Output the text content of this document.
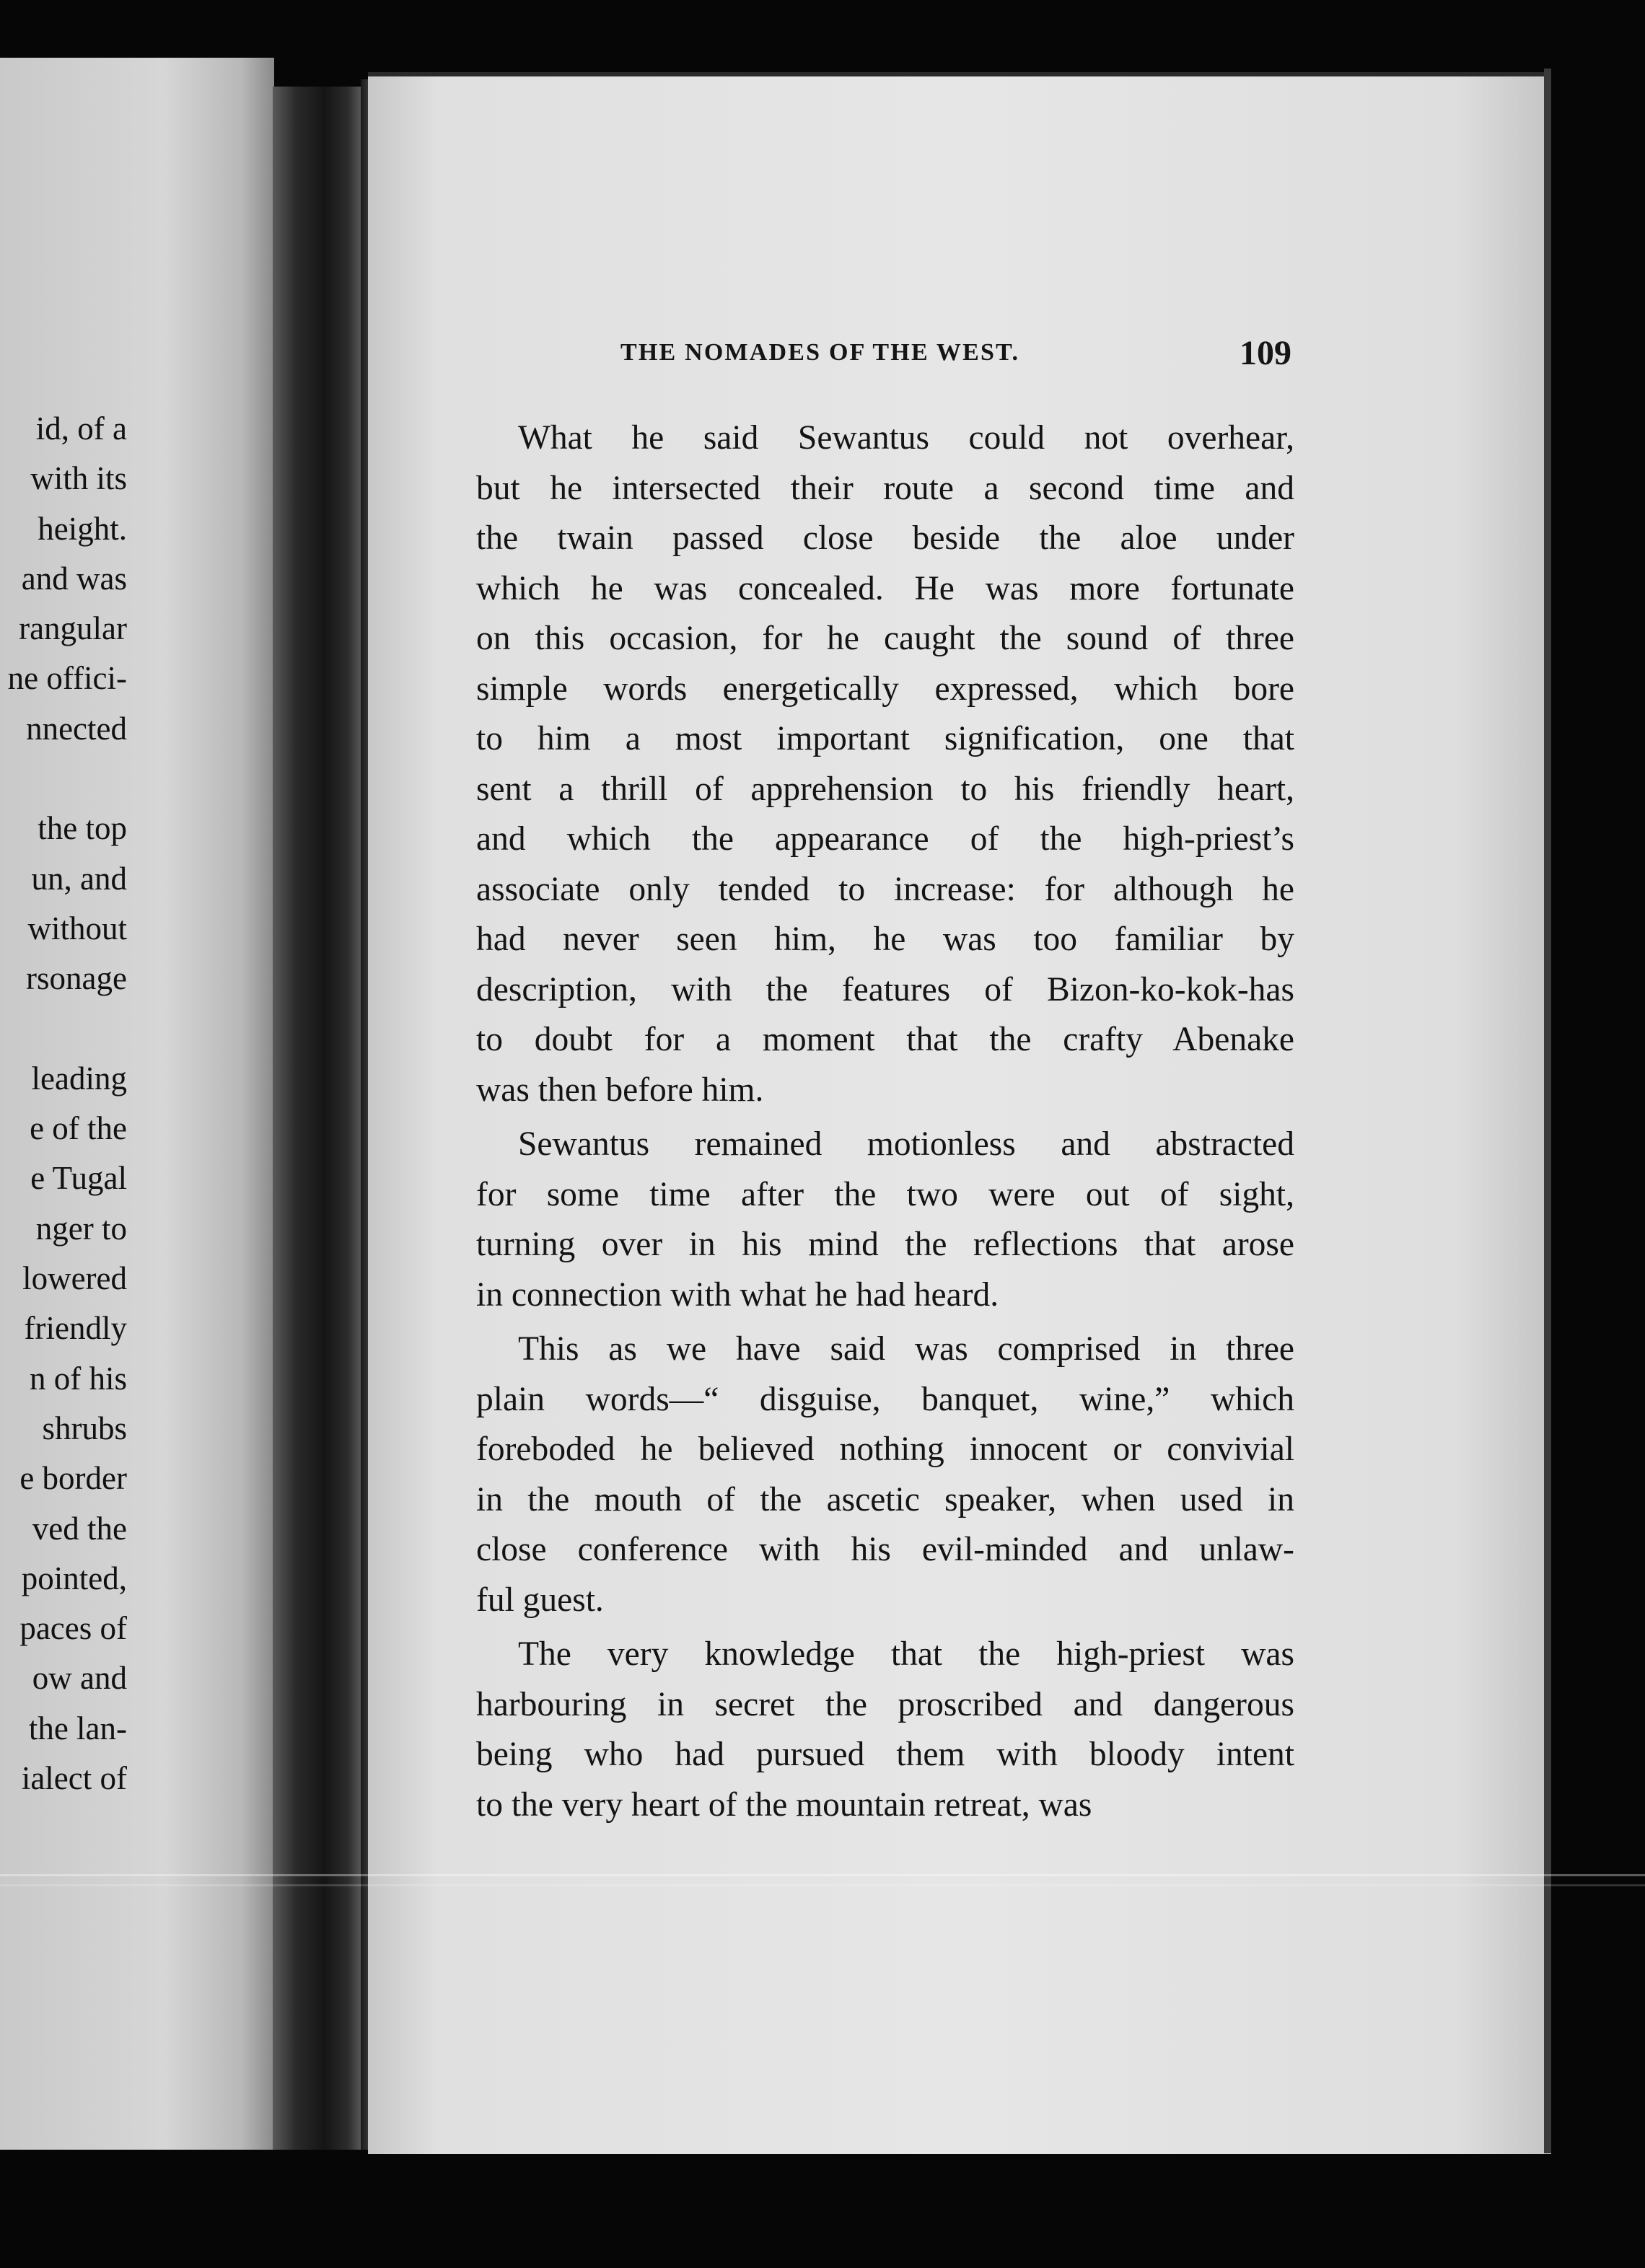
id, of a
with its
height.
and was
rangular
ne offici-
nnected
the top
un, and
without
rsonage
leading
e of the
e Tugal
nger to
lowered
friendly
n of his
shrubs
e border
ved the
pointed,
paces of
ow and
the lan-
ialect of
THE NOMADES OF THE WEST.	109
What he said Sewantus could not overhear,
but he intersected their route a second time and
the twain passed close beside the aloe under
which he was concealed. He was more fortunate
on this occasion, for he caught the sound of three
simple words energetically expressed, which bore
to him a most important signification, one that
sent a thrill of apprehension to his friendly heart,
and which the appearance of the high-priest’s
associate only tended to increase: for although he
had never seen him, he was too familiar by
description, with the features of Bizon-ko-kok-has
to doubt for a moment that the crafty Abenake
was then before him.
Sewantus remained motionless and abstracted
for some time after the two were out of sight,
turning over in his mind the reflections that arose
in connection with what he had heard.
This as we have said was comprised in three
plain words—“ disguise, banquet, wine,” which
foreboded he believed nothing innocent or convivial
in the mouth of the ascetic speaker, when used in
close conference with his evil-minded and unlaw-
ful guest.
The very knowledge that the high-priest was
harbouring in secret the proscribed and dangerous
being who had pursued them with bloody intent
to the very heart of the mountain retreat, was
